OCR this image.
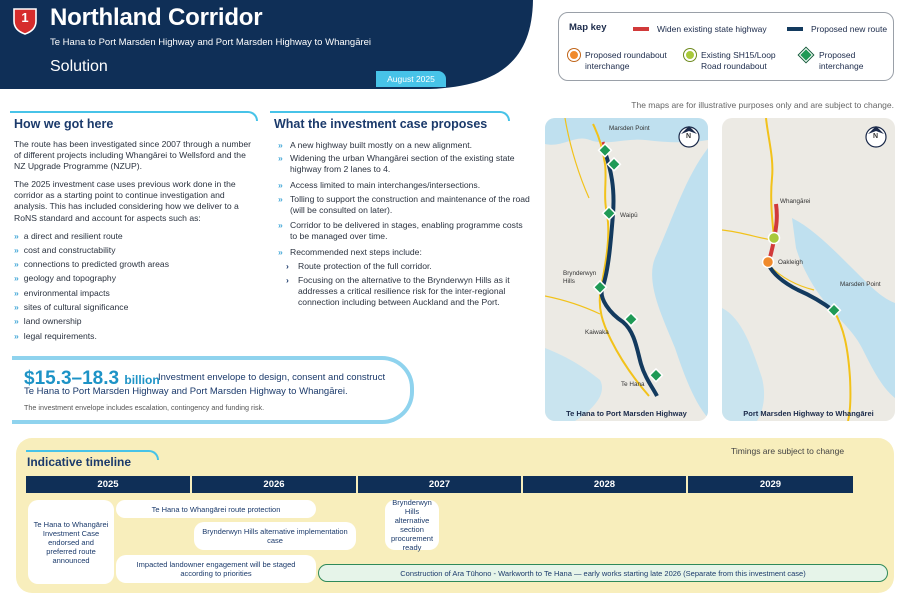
1 Northland Corridor
Te Hana to Port Marsden Highway and Port Marsden Highway to Whangārei
Solution
August 2025
Map key	Widen existing state highway	Proposed new route
Proposed roundabout interchange
Existing SH15/Loop Road roundabout
Proposed interchange
The maps are for illustrative purposes only and are subject to change.
How we got here
The route has been investigated since 2007 through a number of different projects including Whangārei to Wellsford and the NZ Upgrade Programme (NZUP).
The 2025 investment case uses previous work done in the corridor as a starting point to continue investigation and analysis. This has included considering how we deliver to a RoNS standard and account for aspects such as:
» a direct and resilient route
» cost and constructability
» connections to predicted growth areas
» geology and topography
» environmental impacts
» sites of cultural significance
» land ownership
» legal requirements.
What the investment case proposes
» A new highway built mostly on a new alignment.
» Widening the urban Whangārei section of the existing state highway from 2 lanes to 4.
» Access limited to main interchanges/intersections.
» Tolling to support the construction and maintenance of the road (will be consulted on later).
» Corridor to be delivered in stages, enabling programme costs to be managed over time.
» Recommended next steps include:
› Route protection of the full corridor.
› Focusing on the alternative to the Brynderwyn Hills as it addresses a critical resilience risk for the inter-regional connection including between Auckland and the Port.
$15.3–18.3 billion
Investment envelope to design, consent and construct
Te Hana to Port Marsden Highway and Port Marsden Highway to Whangārei.
The investment envelope includes escalation, contingency and funding risk.
N
Marsden Point
Waipū
Brynderwyn Hills
Kaiwaka
Te Hana
Te Hana to Port Marsden Highway
N
Whangārei
Oakleigh
Marsden Point
Port Marsden Highway to Whangārei
Indicative timeline
Timings are subject to change
2025	2026	2027	2028	2029
Te Hana to Whangārei Investment Case endorsed and preferred route announced
Te Hana to Whangārei route protection
Brynderwyn Hills alternative implementation case
Brynderwyn Hills alternative section procurement ready
Impacted landowner engagement will be staged according to priorities	Construction of Ara Tūhono - Warkworth to Te Hana — early works starting late 2026 (Separate from this investment case)
